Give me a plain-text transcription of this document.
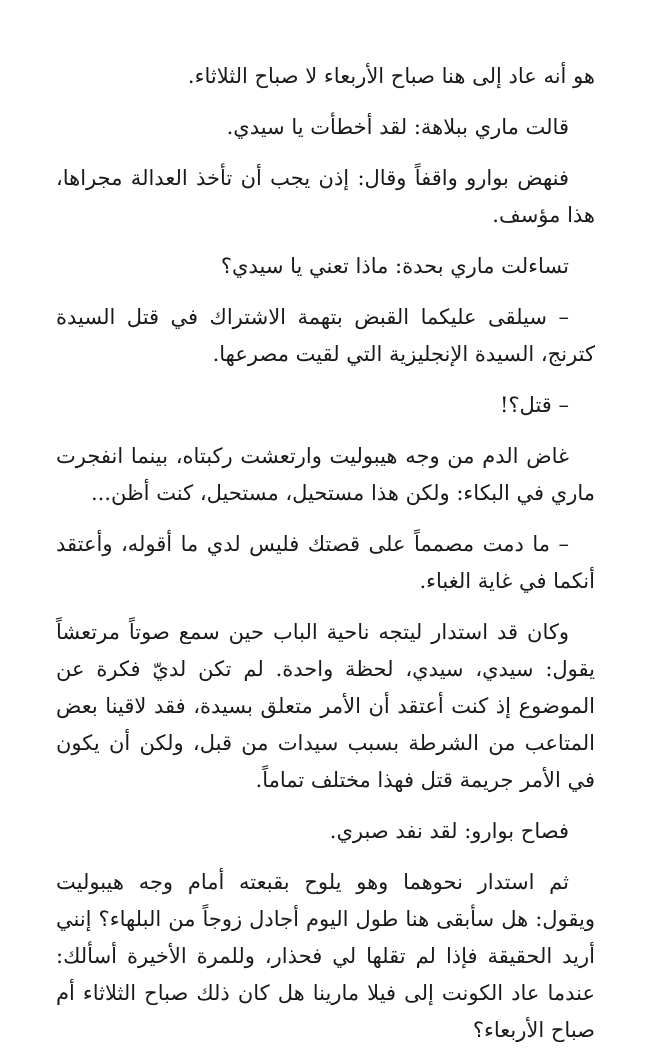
هو أنه عاد إلى هنا صباح الأربعاء لا صباح الثلاثاء.

قالت ماري ببلاهة: لقد أخطأت يا سيدي.

فنهض بوارو واقفاً وقال: إذن يجب أن تأخذ العدالة مجراها، هذا مؤسف.

تساءلت ماري بحدة: ماذا تعني يا سيدي؟

– سيلقى عليكما القبض بتهمة الاشتراك في قتل السيدة كترنج، السيدة الإنجليزية التي لقيت مصرعها.

– قتل؟!

غاض الدم من وجه هيبوليت وارتعشت ركبتاه، بينما انفجرت ماري في البكاء: ولكن هذا مستحيل، مستحيل، كنت أظن...

– ما دمت مصمماً على قصتك فليس لدي ما أقوله، وأعتقد أنكما في غاية الغباء.

وكان قد استدار ليتجه ناحية الباب حين سمع صوتاً مرتعشاً يقول: سيدي، سيدي، لحظة واحدة. لم تكن لديّ فكرة عن الموضوع إذ كنت أعتقد أن الأمر متعلق بسيدة، فقد لاقينا بعض المتاعب من الشرطة بسبب سيدات من قبل، ولكن أن يكون في الأمر جريمة قتل فهذا مختلف تماماً.

فصاح بوارو: لقد نفد صبري.

ثم استدار نحوهما وهو يلوح بقبعته أمام وجه هيبوليت ويقول: هل سأبقى هنا طول اليوم أجادل زوجاً من البلهاء؟ إنني أريد الحقيقة فإذا لم تقلها لي فحذار، وللمرة الأخيرة أسألك: عندما عاد الكونت إلى فيلا مارينا هل كان ذلك صباح الثلاثاء أم صباح الأربعاء؟
